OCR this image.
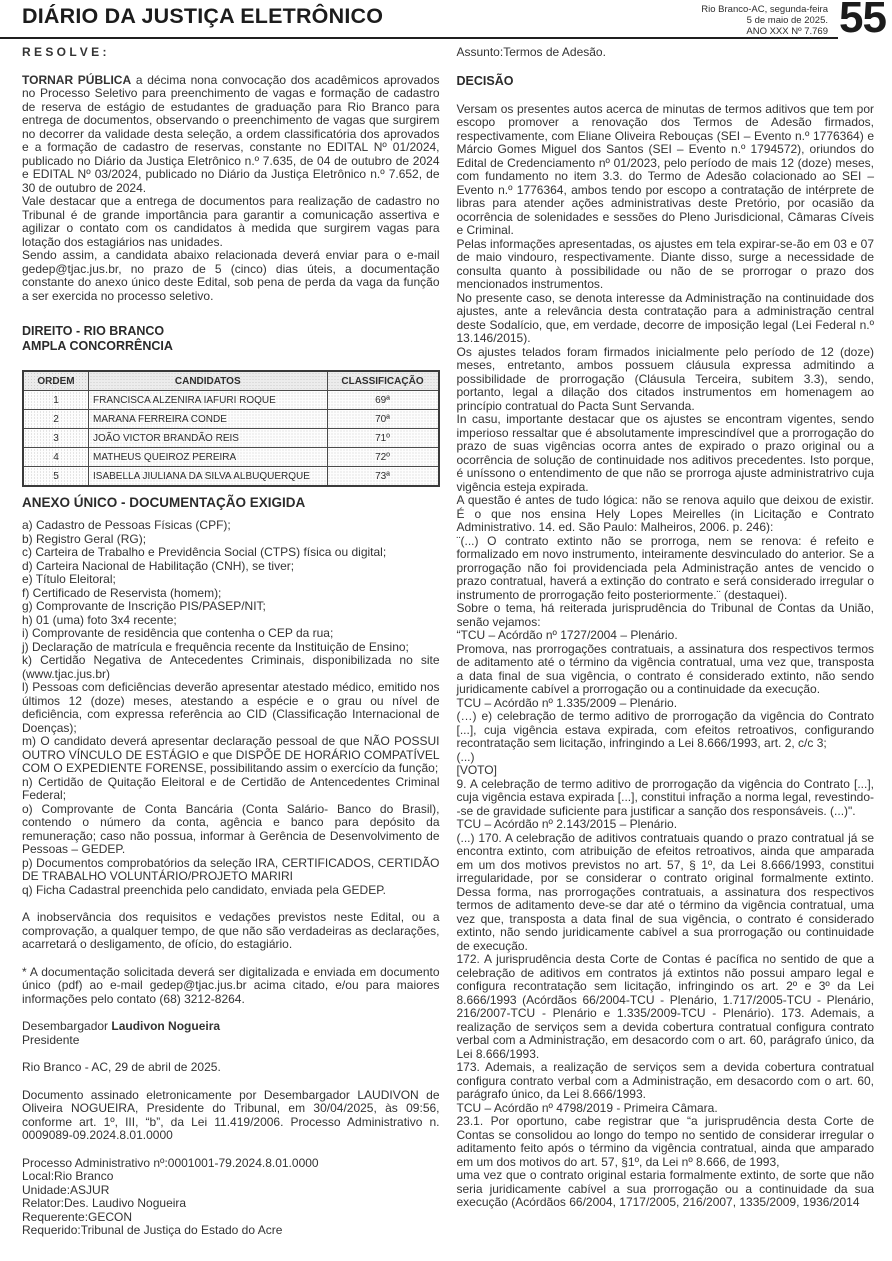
DIÁRIO DA JUSTIÇA ELETRÔNICO	Rio Branco-AC, segunda-feira
5 de maio de 2025.
ANO XXX Nº 7.769 55

R E S O L V E :

TORNAR PÚBLICA a décima nona convocação dos acadêmicos aprovados no Processo Seletivo para preenchimento de vagas e formação de cadastro de reserva de estágio de estudantes de graduação para Rio Branco para entrega de documentos, observando o preenchimento de vagas que surgirem no decorrer da validade desta seleção, a ordem classificatória dos aprovados e a formação de cadastro de reservas, constante no EDITAL Nº 01/2024, publicado no Diário da Justiça Eletrônico n.º 7.635, de 04 de outubro de 2024 e EDITAL Nº 03/2024, publicado no Diário da Justiça Eletrônico n.º 7.652, de 30 de outubro de 2024.

Vale destacar que a entrega de documentos para realização de cadastro no Tribunal é de grande importância para garantir a comunicação assertiva e agilizar o contato com os candidatos à medida que surgirem vagas para lotação dos estagiários nas unidades.

Sendo assim, a candidata abaixo relacionada deverá enviar para o e-mail gedep@tjac.jus.br, no prazo de 5 (cinco) dias úteis, a documentação constante do anexo único deste Edital, sob pena de perda da vaga da função a ser exercida no processo seletivo.

DIREITO - RIO BRANCO

AMPLA CONCORRÊNCIA

ORDEM	CANDIDATOS	CLASSIFICAÇÃO
1	FRANCISCA ALZENIRA IAFURI ROQUE	69ª
2	MARANA FERREIRA CONDE	70ª
3	JOÃO VICTOR BRANDÃO REIS	71º
4	MATHEUS QUEIROZ PEREIRA	72º
5	ISABELLA JIULIANA DA SILVA ALBUQUERQUE	73ª

ANEXO ÚNICO - DOCUMENTAÇÃO EXIGIDA

a) Cadastro de Pessoas Físicas (CPF);

b) Registro Geral (RG);

c) Carteira de Trabalho e Previdência Social (CTPS) física ou digital;

d) Carteira Nacional de Habilitação (CNH), se tiver;

e) Título Eleitoral;

f) Certificado de Reservista (homem);

g) Comprovante de Inscrição PIS/PASEP/NIT;

h) 01 (uma) foto 3x4 recente;

i) Comprovante de residência que contenha o CEP da rua;

j) Declaração de matrícula e frequência recente da Instituição de Ensino;

k) Certidão Negativa de Antecedentes Criminais, disponibilizada no site (www.tjac.jus.br)

l) Pessoas com deficiências deverão apresentar atestado médico, emitido nos últimos 12 (doze) meses, atestando a espécie e o grau ou nível de deficiência, com expressa referência ao CID (Classificação Internacional de Doenças);

m) O candidato deverá apresentar declaração pessoal de que NÃO POSSUI OUTRO VÍNCULO DE ESTÁGIO e que DISPÕE DE HORÁRIO COMPATÍVEL COM O EXPEDIENTE FORENSE, possibilitando assim o exercício da função;

n) Certidão de Quitação Eleitoral e de Certidão de Antencedentes Criminal Federal;

o) Comprovante de Conta Bancária (Conta Salário- Banco do Brasil), contendo o número da conta, agência e banco para depósito da remuneração; caso não possua, informar à Gerência de Desenvolvimento de Pessoas – GEDEP.

p) Documentos comprobatórios da seleção IRA, CERTIFICADOS, CERTIDÃO DE TRABALHO VOLUNTÁRIO/PROJETO MARIRI

q) Ficha Cadastral preenchida pelo candidato, enviada pela GEDEP.

A inobservância dos requisitos e vedações previstos neste Edital, ou a comprovação, a qualquer tempo, de que não são verdadeiras as declarações, acarretará o desligamento, de ofício, do estagiário.

* A documentação solicitada deverá ser digitalizada e enviada em documento único (pdf) ao e-mail gedep@tjac.jus.br acima citado, e/ou para maiores informações pelo contato (68) 3212-8264.

Desembargador Laudivon Nogueira

Presidente

Rio Branco - AC, 29 de abril de 2025.

Documento assinado eletronicamente por Desembargador LAUDIVON de Oliveira NOGUEIRA, Presidente do Tribunal, em 30/04/2025, às 09:56, conforme art. 1º, III, “b”, da Lei 11.419/2006. Processo Administrativo n. 0009089-09.2024.8.01.0000

Processo Administrativo nº:0001001-79.2024.8.01.0000

Local:Rio Branco

Unidade:ASJUR

Relator:Des. Laudivo Nogueira

Requerente:GECON

Requerido:Tribunal de Justiça do Estado do Acre

Assunto:Termos de Adesão.

DECISÃO

Versam os presentes autos acerca de minutas de termos aditivos que tem por escopo promover a renovação dos Termos de Adesão firmados, respectivamente, com Eliane Oliveira Rebouças (SEI – Evento n.º 1776364) e Márcio Gomes Miguel dos Santos (SEI – Evento n.º 1794572), oriundos do Edital de Credenciamento nº 01/2023, pelo período de mais 12 (doze) meses, com fundamento no item 3.3. do Termo de Adesão colacionado ao SEI – Evento n.º 1776364, ambos tendo por escopo a contratação de intérprete de libras para atender ações administrativas deste Pretório, por ocasião da ocorrência de solenidades e sessões do Pleno Jurisdicional, Câmaras Cíveis e Criminal.

Pelas informações apresentadas, os ajustes em tela expirar-se-ão em 03 e 07 de maio vindouro, respectivamente. Diante disso, surge a necessidade de consulta quanto à possibilidade ou não de se prorrogar o prazo dos mencionados instrumentos.

No presente caso, se denota interesse da Administração na continuidade dos ajustes, ante a relevância desta contratação para a administração central deste Sodalício, que, em verdade, decorre de imposição legal (Lei Federal n.º 13.146/2015).

Os ajustes telados foram firmados inicialmente pelo período de 12 (doze) meses, entretanto, ambos possuem cláusula expressa admitindo a possibilidade de prorrogação (Cláusula Terceira, subitem 3.3), sendo, portanto, legal a dilação dos citados instrumentos em homenagem ao princípio contratual do Pacta Sunt Servanda.

In casu, importante destacar que os ajustes se encontram vigentes, sendo imperioso ressaltar que é absolutamente imprescindível que a prorrogação do prazo de suas vigências ocorra antes de expirado o prazo original ou a ocorrência de solução de continuidade nos aditivos precedentes. Isto porque, é uníssono o entendimento de que não se prorroga ajuste administratrivo cuja vigência esteja expirada.

A questão é antes de tudo lógica: não se renova aquilo que deixou de existir. É o que nos ensina Hely Lopes Meirelles (in Licitação e Contrato Administrativo. 14. ed. São Paulo: Malheiros, 2006. p. 246):

¨(...) O contrato extinto não se prorroga, nem se renova: é refeito e formalizado em novo instrumento, inteiramente desvinculado do anterior. Se a prorrogação não foi providenciada pela Administração antes de vencido o prazo contratual, haverá a extinção do contrato e será considerado irregular o instrumento de prorrogação feito posteriormente.¨ (destaquei).

Sobre o tema, há reiterada jurisprudência do Tribunal de Contas da União, senão vejamos:

“TCU – Acórdão nº 1727/2004 – Plenário.

Promova, nas prorrogações contratuais, a assinatura dos respectivos termos de aditamento até o término da vigência contratual, uma vez que, transposta a data final de sua vigência, o contrato é considerado extinto, não sendo juridicamente cabível a prorrogação ou a continuidade da execução.

TCU – Acórdão nº 1.335/2009 – Plenário.

(…) e) celebração de termo aditivo de prorrogação da vigência do Contrato [...], cuja vigência estava expirada, com efeitos retroativos, configurando recontratação sem licitação, infringindo a Lei 8.666/1993, art. 2, c/c 3;

(...)

[VOTO]

9. A celebração de termo aditivo de prorrogação da vigência do Contrato [...], cuja vigência estava expirada [...], constitui infração a norma legal, revestindo--se de gravidade suficiente para justificar a sanção dos responsáveis. (...)".

TCU – Acórdão nº 2.143/2015 – Plenário.

(...) 170. A celebração de aditivos contratuais quando o prazo contratual já se encontra extinto, com atribuição de efeitos retroativos, ainda que amparada em um dos motivos previstos no art. 57, § 1º, da Lei 8.666/1993, constitui irregularidade, por se considerar o contrato original formalmente extinto. Dessa forma, nas prorrogações contratuais, a assinatura dos respectivos termos de aditamento deve-se dar até o término da vigência contratual, uma vez que, transposta a data final de sua vigência, o contrato é considerado extinto, não sendo juridicamente cabível a sua prorrogação ou continuidade de execução.

172. A jurisprudência desta Corte de Contas é pacífica no sentido de que a celebração de aditivos em contratos já extintos não possui amparo legal e configura recontratação sem licitação, infringindo os art. 2º e 3º da Lei 8.666/1993 (Acórdãos 66/2004-TCU - Plenário, 1.717/2005-TCU - Plenário, 216/2007-TCU - Plenário e 1.335/2009-TCU - Plenário). 173. Ademais, a realização de serviços sem a devida cobertura contratual configura contrato verbal com a Administração, em desacordo com o art. 60, parágrafo único, da Lei 8.666/1993.

173. Ademais, a realização de serviços sem a devida cobertura contratual configura contrato verbal com a Administração, em desacordo com o art. 60, parágrafo único, da Lei 8.666/1993.

TCU – Acórdão nº 4798/2019 - Primeira Câmara.

23.1. Por oportuno, cabe registrar que “a jurisprudência desta Corte de Contas se consolidou ao longo do tempo no sentido de considerar irregular o aditamento feito após o término da vigência contratual, ainda que amparado em um dos motivos do art. 57, §1º, da Lei nº 8.666, de 1993,

uma vez que o contrato original estaria formalmente extinto, de sorte que não seria juridicamente cabível a sua prorrogação ou a continuidade da sua execução (Acórdãos 66/2004, 1717/2005, 216/2007, 1335/2009, 1936/2014
